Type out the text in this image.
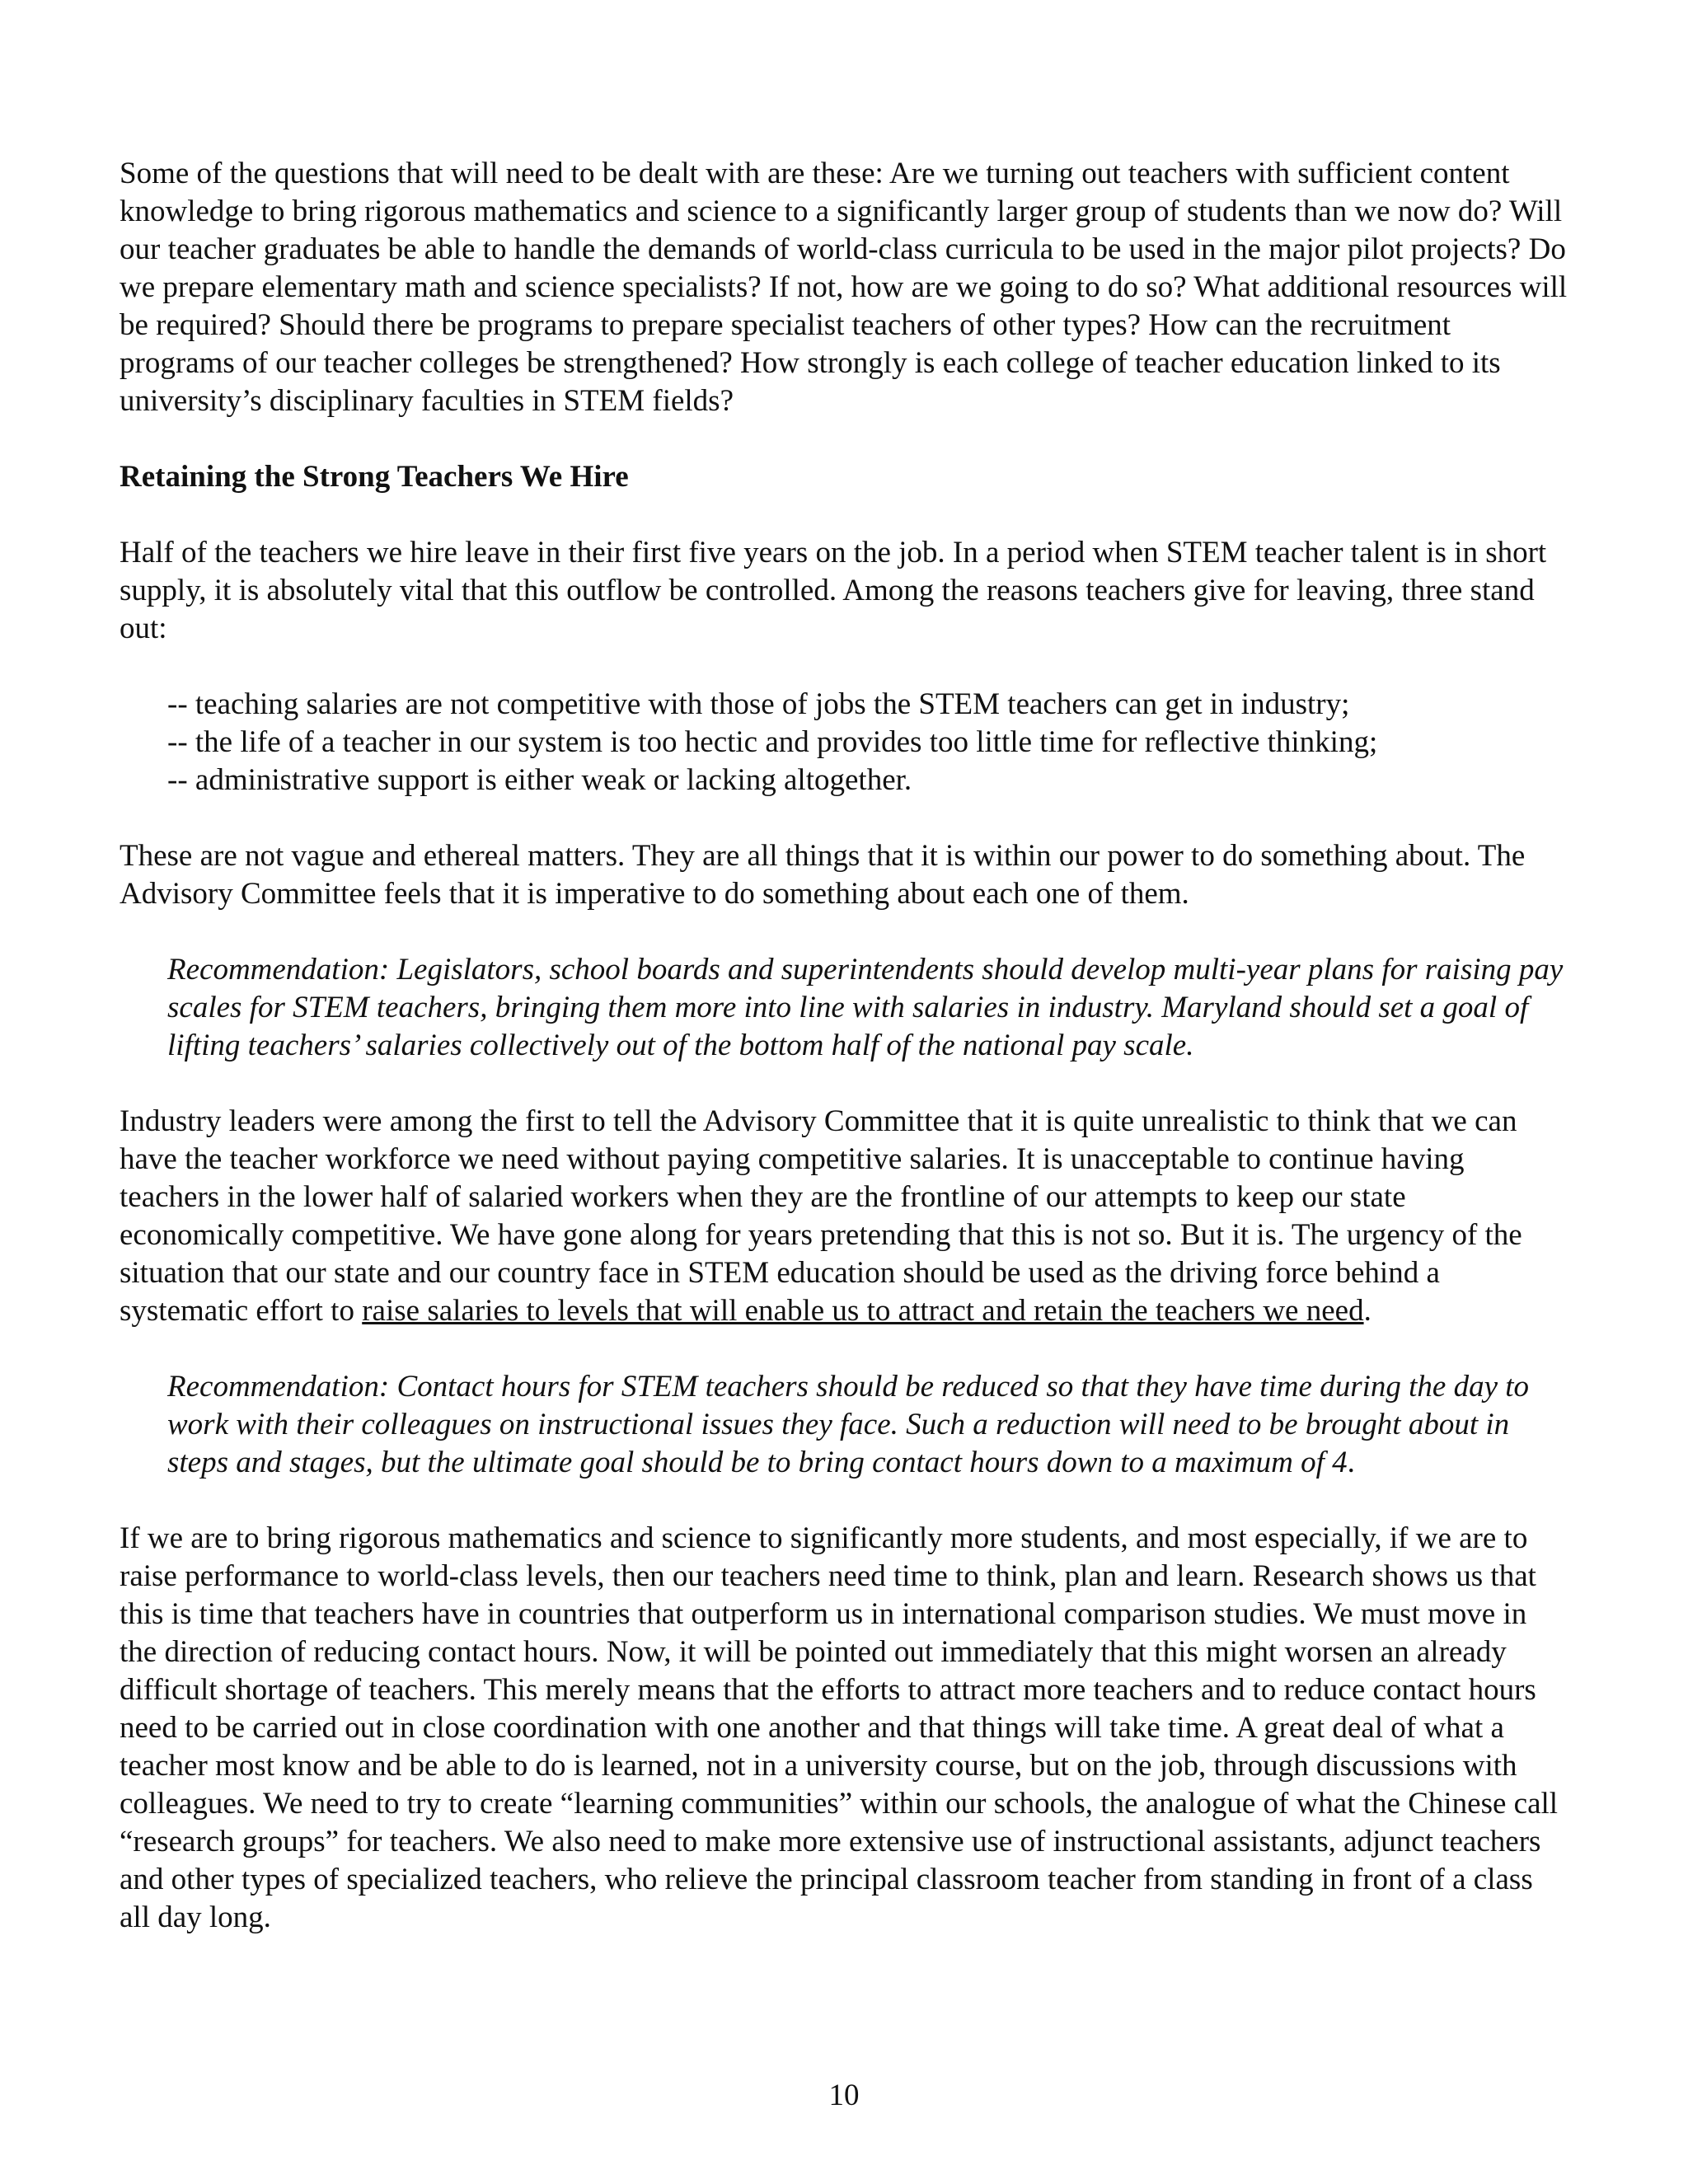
Some of the questions that will need to be dealt with are these: Are we turning out teachers with sufficient content knowledge to bring rigorous mathematics and science to a significantly larger group of students than we now do? Will our teacher graduates be able to handle the demands of world-class curricula to be used in the major pilot projects? Do we prepare elementary math and science specialists? If not, how are we going to do so? What additional resources will be required? Should there be programs to prepare specialist teachers of other types? How can the recruitment programs of our teacher colleges be strengthened? How strongly is each college of teacher education linked to its university’s disciplinary faculties in STEM fields?

Retaining the Strong Teachers We Hire

Half of the teachers we hire leave in their first five years on the job. In a period when STEM teacher talent is in short supply, it is absolutely vital that this outflow be controlled. Among the reasons teachers give for leaving, three stand out:

-- teaching salaries are not competitive with those of jobs the STEM teachers can get in industry;
-- the life of a teacher in our system is too hectic and provides too little time for reflective thinking;
-- administrative support is either weak or lacking altogether.

These are not vague and ethereal matters. They are all things that it is within our power to do something about. The Advisory Committee feels that it is imperative to do something about each one of them.

Recommendation: Legislators, school boards and superintendents should develop multi-year plans for raising pay scales for STEM teachers, bringing them more into line with salaries in industry. Maryland should set a goal of lifting teachers’ salaries collectively out of the bottom half of the national pay scale.

Industry leaders were among the first to tell the Advisory Committee that it is quite unrealistic to think that we can have the teacher workforce we need without paying competitive salaries. It is unacceptable to continue having teachers in the lower half of salaried workers when they are the frontline of our attempts to keep our state economically competitive. We have gone along for years pretending that this is not so. But it is. The urgency of the situation that our state and our country face in STEM education should be used as the driving force behind a systematic effort to raise salaries to levels that will enable us to attract and retain the teachers we need.

Recommendation: Contact hours for STEM teachers should be reduced so that they have time during the day to work with their colleagues on instructional issues they face. Such a reduction will need to be brought about in steps and stages, but the ultimate goal should be to bring contact hours down to a maximum of 4.

If we are to bring rigorous mathematics and science to significantly more students, and most especially, if we are to raise performance to world-class levels, then our teachers need time to think, plan and learn. Research shows us that this is time that teachers have in countries that outperform us in international comparison studies. We must move in the direction of reducing contact hours. Now, it will be pointed out immediately that this might worsen an already difficult shortage of teachers. This merely means that the efforts to attract more teachers and to reduce contact hours need to be carried out in close coordination with one another and that things will take time. A great deal of what a teacher most know and be able to do is learned, not in a university course, but on the job, through discussions with colleagues. We need to try to create “learning communities” within our schools, the analogue of what the Chinese call “research groups” for teachers. We also need to make more extensive use of instructional assistants, adjunct teachers and other types of specialized teachers, who relieve the principal classroom teacher from standing in front of a class all day long.

10
